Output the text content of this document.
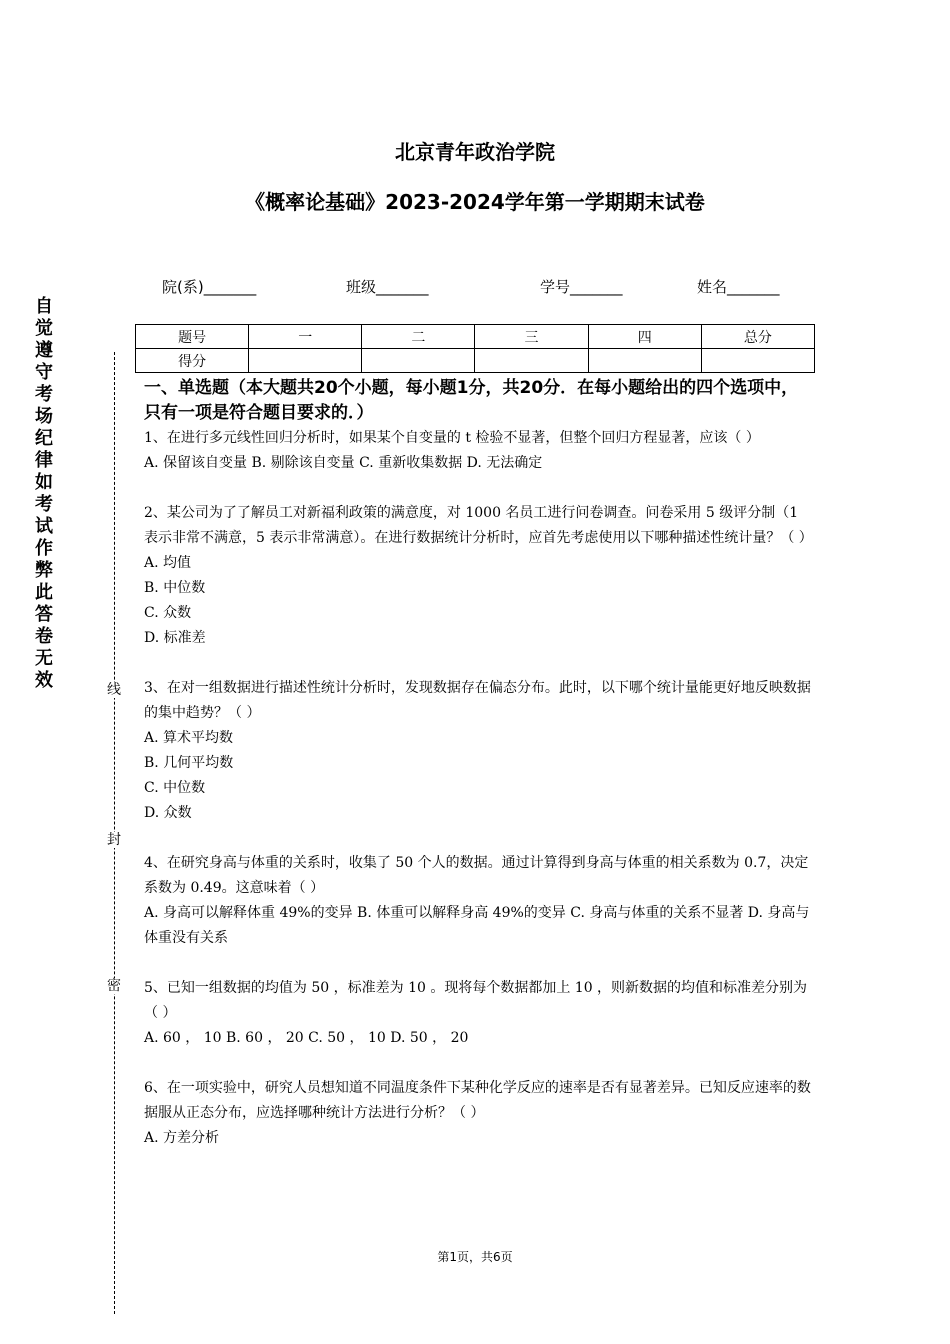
北京青年政治学院
《概率论基础》2023-2024学年第一学期期末试卷
院(系)_______	班级_______	学号_______	姓名_______
题号	一	二	三	四	总分
得分					
自觉遵守考场纪律如考试作弊此答卷无效	线
封
密

一、单选题（本大题共20个小题，每小题1分，共20分．在每小题给出的四个选项中，只有一项是符合题目要求的．）

1、在进行多元线性回归分析时，如果某个自变量的 t 检验不显著，但整个回归方程显著，应该（ ）

A. 保留该自变量 B. 剔除该自变量 C. 重新收集数据 D. 无法确定

2、某公司为了了解员工对新福利政策的满意度，对 1000 名员工进行问卷调查。问卷采用 5 级评分制（1 表示非常不满意，5 表示非常满意）。在进行数据统计分析时，应首先考虑使用以下哪种描述性统计量？（ ）

A. 均值

B. 中位数

C. 众数

D. 标准差

3、在对一组数据进行描述性统计分析时，发现数据存在偏态分布。此时，以下哪个统计量能更好地反映数据的集中趋势？（ ）

A. 算术平均数

B. 几何平均数

C. 中位数

D. 众数

4、在研究身高与体重的关系时，收集了 50 个人的数据。通过计算得到身高与体重的相关系数为 0.7，决定系数为 0.49。这意味着（ ）

A. 身高可以解释体重 49%的变异 B. 体重可以解释身高 49%的变异 C. 身高与体重的关系不显著 D. 身高与体重没有关系

5、已知一组数据的均值为 50 ，标准差为 10 。现将每个数据都加上 10 ，则新数据的均值和标准差分别为（ ）

A. 60 ， 10 B. 60 ， 20 C. 50 ， 10 D. 50 ， 20

6、在一项实验中，研究人员想知道不同温度条件下某种化学反应的速率是否有显著差异。已知反应速率的数据服从正态分布，应选择哪种统计方法进行分析？（ ）

A. 方差分析

第1页，共6页
